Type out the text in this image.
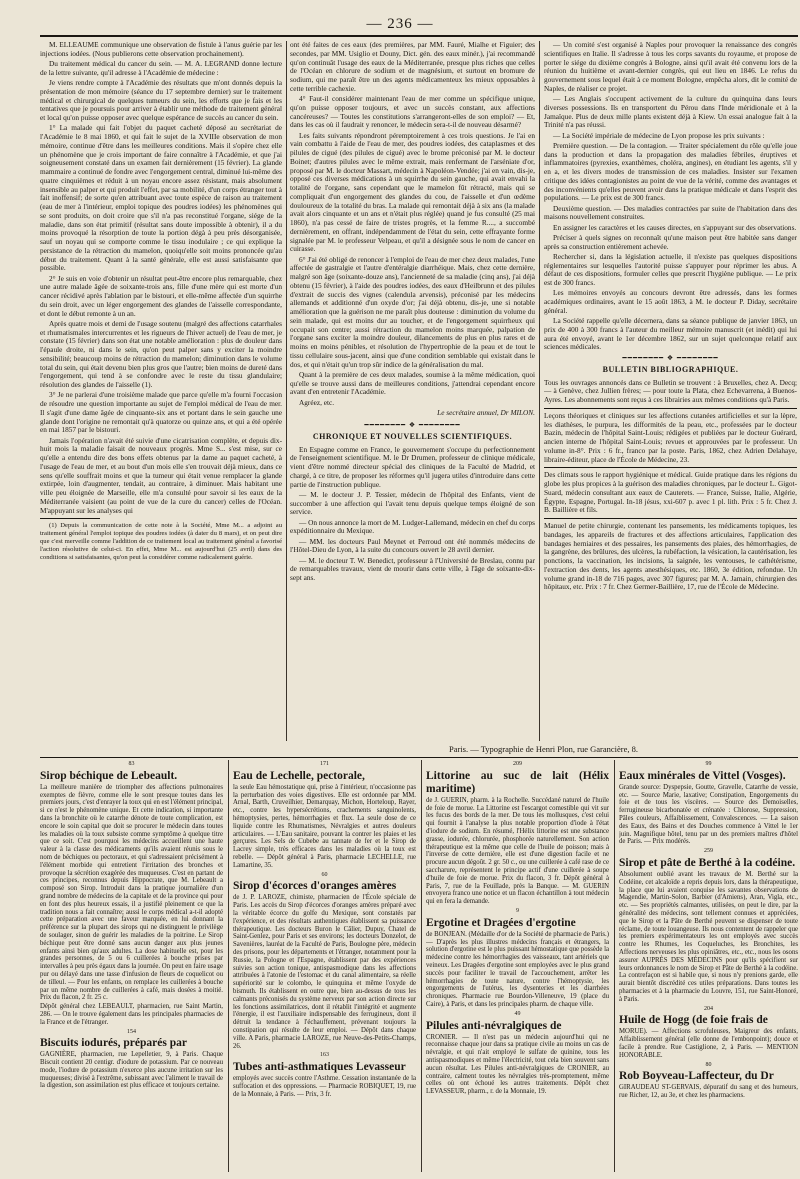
— 236 —

M. ELLEAUME communique une observation de fistule à l'anus guérie par les injections iodées. (Nous publierons cette observation prochainement).

Du traitement médical du cancer du sein. — M. A. LEGRAND donne lecture de la lettre suivante, qu'il adresse à l'Académie de médecine :

Je viens rendre compte à l'Académie des résultats que m'ont donnés depuis la présentation de mon mémoire (séance du 17 septembre dernier) sur le traitement médical et chirurgical de quelques tumeurs du sein, les efforts que je fais et les tentatives que je poursuis pour arriver à établir une méthode de traitement général et local qu'on puisse opposer avec quelque espérance de succès au cancer du sein.

1° La malade qui fait l'objet du paquet cacheté déposé au secrétariat de l'Académie le 8 mai 1860, et qui fait le sujet de la XVIIIe observation de mon mémoire, continue d'être dans les meilleures conditions. Mais il s'opère chez elle un phénomène que je crois important de faire connaître à l'Académie, et que j'ai soigneusement constaté dans un examen fait dernièrement (15 février). La glande mammaire a continué de fondre avec l'engorgement central, diminué lui-même des quatre cinquièmes et réduit à un noyau encore assez résistant, mais absolument insensible au palper et qui produit l'effet, par sa mobilité, d'un corps étranger tout à fait inoffensif; de sorte qu'en attribuant avec toute espèce de raison au traitement (eau de mer à l'intérieur, emploi topique des poudres iodées) les phénomènes qui se sont produits, on doit croire que s'il n'a pas reconstitué l'organe, siége de la maladie, dans son état primitif (résultat sans doute impossible à obtenir), il a du moins provoqué la résorption de toute la portion dégà à peu près désorganisée, sauf un noyau qui se comporte comme le tissu inodulaire ; ce qui explique la persistance de la rétraction du mamelon, quoiqu'elle soit moins prononcée qu'au début du traitement. Quant à la santé générale, elle est aussi satisfaisante que possible.

2° Je suis en voie d'obtenir un résultat peut-être encore plus remarquable, chez une autre malade âgée de soixante-trois ans, fille d'une mère qui est morte d'un cancer récidivé après l'ablation par le bistouri, et elle-même affectée d'un squirrhe du sein droit, avec un léger engorgement des glandes de l'aisselle correspondante, et dont le début remonte à un an.

Après quatre mois et demi de l'usage soutenu (malgré des affections catarrhales et rhumatismales intercurrentes et les rigueurs de l'hiver actuel) de l'eau de mer, je constate (15 février) dans son état une notable amélioration : plus de douleur dans l'épaule droite, ni dans le sein, qu'on peut palper sans y exciter la moindre sensibilité; beaucoup moins de rétraction du mamelon; diminution dans le volume total du sein, qui était devenu bien plus gros que l'autre; bien moins de dureté dans l'engorgement, qui tend à se confondre avec le reste du tissu glandulaire; résolution des glandes de l'aisselle (1).

3° Je ne parlerai d'une troisième malade que parce qu'elle m'a fourni l'occasion de résoudre une question importante au sujet de l'emploi médical de l'eau de mer. Il s'agit d'une dame âgée de cinquante-six ans et portant dans le sein gauche une glande dont l'origine ne remontait qu'à quatorze ou quinze ans, et qui a été opérée en mai 1857 par le bistouri.

Jamais l'opération n'avait été suivie d'une cicatrisation complète, et depuis dix-huit mois la maladie faisait de nouveaux progrès. Mme S... s'est mise, sur ce qu'elle a entendu dire des bons effets obtenus par la dame au paquet cacheté, à l'usage de l'eau de mer, et au bout d'un mois elle s'en trouvait déjà mieux, dans ce sens qu'elle souffrait moins et que la tumeur qui était venue remplacer la glande extirpée, loin d'augmenter, tendait, au contraire, à diminuer. Mais habitant une ville peu éloignée de Marseille, elle m'a consulté pour savoir si les eaux de la Méditerranée vaisient (au point de vue de la cure du cancer) celles de l'Océan. M'appuyant sur les analyses qui

(1) Depuis la communication de cette note à la Société, Mme M... a adjoint au traitement général l'emploi topique des poudres iodées (à dater du 8 mars), et on peut dire que c'est merveille comme l'addition de ce traitement local au traitement général a favorisé l'action résolutive de celui-ci. En effet, Mme M... est aujourd'hui (25 avril) dans des conditions si satisfaisantes, qu'on peut la considérer comme radicalement guérie.

ont été faites de ces eaux (des premières, par MM. Fauré, Mialhe et Figuier; des secondes, par MM. Usiglio et Douny, Dict. gén. des eaux minér.), j'ai recommandé qu'on continuât l'usage des eaux de la Méditerranée, presque plus riches que celles de l'Océan en chlorure de sodium et de magnésium, et surtout en bromure de sodium, qui me paraît être un des agents médicamenteux les mieux opposables à cette terrible cachexie.

4° Faut-il considérer maintenant l'eau de mer comme un spécifique unique, qu'on puisse opposer toujours, et avec un succès constant, aux affections cancéreuses? — Toutes les constitutions s'arrangeront-elles de son emploi? — Et, dans les cas où il faudrait y renoncer, le médecin sera-t-il de nouveau désarmé?

Les faits suivants répondront péremptoirement à ces trois questions. Je l'ai en vain combattu à l'aide de l'eau de mer, des poudres iodées, des cataplasmes et des pilules de cigué (des pilules de cigué) avec le brome préconisé par M. le docteur Boinet; d'autres pilules avec le même extrait, mais renfermant de l'arséniate d'or, proposé par M. le docteur Massart, médecin à Napoléon-Vendée; j'ai en vain, dis-je, opposé ces diverses médications à un squirrhe du sein gauche, qui avait envahi la totalité de l'organe, sans cependant que le mamelon fût rétracté, mais qui se compliquait d'un engorgement des glandes du cou, de l'aisselle et d'un œdème douloureux de la totalité du bras. La malade qui remontait déjà à six ans (la malade avait alors cinquante et un ans et n'était plus réglée) quand je fus consulté (25 mai 1860), n'a pas cessé de faire de tristes progrès, et la femme R...., a succombé dernièrement, en offrant, indépendamment de l'état du sein, cette effrayante forme signalée par M. le professeur Velpeau, et qu'il a désignée sous le nom de cancer en cuirasse.

6° J'ai été obligé de renoncer à l'emploi de l'eau de mer chez deux malades, l'une affectée de gastralgie et l'autre d'entéralgie diarrhéique. Mais, chez cette dernière, malgré son âge (soixante-douze ans), l'ancienneté de sa maladie (cinq ans), j'ai déjà obtenu (15 février), à l'aide des poudres iodées, des eaux d'Heilbrunn et des pilules d'extrait de succis des vignes (calendula arvensis), préconisé par les médecins allemands et additionné d'un oxyde d'or; j'ai déjà obtenu, dis-je, une si notable amélioration que la guérison ne me paraît plus douteuse : diminution du volume du sein malade, qui est moins dur au toucher, et de l'engorgement squirrheux qui occupait son centre; aussi rétraction du mamelon moins marquée, palpation de l'organe sans exciter la moindre douleur, dilancements de plus en plus rares et de moins en moins pénibles, et résolution de l'hypertrophie de la peau et de tout le tissu cellulaire sous-jacent, ainsi que d'une condition semblable qui existait dans le dos, et qui n'était qu'un trop sûr indice de la généralisation du mal.

Quant à la première de ces deux malades, soumise à la même médication, quoi qu'elle se trouve aussi dans de meilleures conditions, j'attendrai cependant encore avant d'en entretenir l'Académie.

Agréez, etc.

Le secrétaire annuel, Dr MILON.
━━━━━━━━ ❖ ━━━━━━━━
CHRONIQUE ET NOUVELLES SCIENTIFIQUES.

En Espagne comme en France, le gouvernement s'occupe du perfectionnement de l'enseignement scientifique. M. le Dr Drumen, professeur de clinique médicale, vient d'être nommé directeur spécial des cliniques de la Faculté de Madrid, et chargé, à ce titre, de proposer les réformes qu'il jugera utiles d'introduire dans cette partie de l'instruction publique.

— M. le docteur J. P. Tessier, médecin de l'hôpital des Enfants, vient de succomber à une affection qui l'avait tenu depuis quelque temps éloigné de son service.

— On nous annonce la mort de M. Ludger-Lallemand, médecin en chef du corps expéditionnaire du Mexique.

— MM. les docteurs Paul Meynet et Perroud ont été nommés médecins de l'Hôtel-Dieu de Lyon, à la suite du concours ouvert le 28 avril dernier.

— M. le docteur T. W. Benedict, professeur à l'Université de Breslau, connu par de remarquables travaux, vient de mourir dans cette ville, à l'âge de soixante-dix-sept ans.

— Un comité s'est organisé à Naples pour provoquer la renaissance des congrès scientifiques en Italie. Il s'adresse à tous les corps savants du royaume, et propose de porter le siége du dixième congrès à Bologne, ainsi qu'il avait été convenu lors de la réunion du huitième et avant-dernier congrès, qui eut lieu en 1846. Le refus du gouvernement sous lequel était à ce moment Bologne, empêcha alors, dit le comité de Naples, de réaliser ce projet.

— Les Anglais s'occupent activement de la culture du quinquina dans leurs diverses possessions. Ils en transportent du Pérou dans l'Inde méridionale et à la Jamaïque. Plus de deux mille plants existent déjà à Kiew. Un essai analogue fait à la Trinité n'a pas réussi.

— La Société impériale de médecine de Lyon propose les prix suivants :

Première question. — De la contagion. — Traiter spécialement du rôle qu'elle joue dans la production et dans la propagation des maladies fébriles, éruptives et inflammatoires (pyrexies, exanthèmes, choléra, angines), en étudiant les agents, s'il y en a, et les divers modes de transmission de ces maladies. Insister sur l'examen critique des idées contagionistes au point de vue de la vérité, comme des avantages et des inconvénients qu'elles peuvent avoir dans la pratique médicale et dans l'esprit des populations. — Le prix est de 300 francs.

Deuxième question. — Des maladies contractées par suite de l'habitation dans des maisons nouvellement construites.

En assigner les caractères et les causes directes, en s'appuyant sur des observations.

Préciser à quels signes on reconnaît qu'une maison peut être habitée sans danger après sa construction entièrement achevée.

Rechercher si, dans la législation actuelle, il n'existe pas quelques dispositions réglementaires sur lesquelles l'autorité puisse s'appuyer pour réprimer les abus. A défaut de ces dispositions, formuler celles que prescrit l'hygiène publique. — Le prix est de 300 francs.

Les mémoires envoyés au concours devront être adressés, dans les formes académiques ordinaires, avant le 15 août 1863, à M. le docteur P. Diday, secrétaire général.

La Société rappelle qu'elle décernera, dans sa séance publique de janvier 1863, un prix de 400 à 300 francs à l'auteur du meilleur mémoire manuscrit (et inédit) qui lui aura été envoyé, avant le 1er décembre 1862, sur un sujet quelconque relatif aux sciences médicales.

━━━━━━━━ ❖ ━━━━━━━━
BULLETIN BIBLIOGRAPHIQUE.

Tous les ouvrages annoncés dans ce Bulletin se trouvent : à Bruxelles, chez A. Decq; — à Genève, chez Jullien frères; — pour toute la Plata, chez Echevarrena, à Buenos-Ayres. Les abonnements sont reçus à ces librairies aux mêmes conditions qu'à Paris.

Leçons théoriques et cliniques sur les affections cutanées artificielles et sur la lèpre, les diathèses, le purpura, les difformités de la peau, etc., professées par le docteur Bazin, médecin de l'hôpital Saint-Louis; rédigées et publiées par le docteur Guérard, ancien interne de l'hôpital Saint-Louis; revues et approuvées par le professeur. Un volume in-8°. Prix : 6 fr., franco par la poste. Paris, 1862, chez Adrien Delahaye, libraire-éditeur, place de l'École de Médecine, 23.

Des climats sous le rapport hygiénique et médical. Guide pratique dans les régions du globe les plus propices à la guérison des maladies chroniques, par le docteur L. Gigot-Suard, médecin consultant aux eaux de Cauterets. — France, Suisse, Italie, Algérie, Égypte, Espagne, Portugal. In-18 jésus, xxi-607 p. avec 1 pl. lith. Prix : 5 fr. Chez J. B. Baillière et fils.

Manuel de petite chirurgie, contenant les pansements, les médicaments topiques, les bandages, les appareils de fractures et des affections articulaires, l'application des bandages herniaires et des pessaires, les pansements des plaies, des hémorrhagies, de la gangrène, des brûlures, des ulcères, la rubéfaction, la vésication, la cautérisation, les ponctions, la vaccination, les incisions, la saignée, les ventouses, le cathétérisme, l'extraction des dents, les agents anesthésiques, etc. 1860, 3e édition, refondue. Un volume grand in-18 de 716 pages, avec 307 figures; par M. A. Jamain, chirurgien des hôpitaux, etc. Prix : 7 fr. Chez Germer-Baillière, 17, rue de l'École de Médecine.

Paris. — Typographie de Henri Plon, rue Garancière, 8.
83
Sirop béchique de Lebeault.

La meilleure manière de triompher des affections pulmonaires exemptes de fièvre, comme elle le sont presque toutes dans les premiers jours, c'est d'enrayer la toux qui en est l'élément principal, si ce n'est le phénomène unique. Et cette indication, si importante dans la bronchite où le catarrhe dénote de toute complication, est encore le soin capital que doit se procurer le médecin dans toutes les maladies où la toux subsiste comme symptôme à quelque titre que ce soit. C'est pourquoi les médecins accueillent une haute valeur à la classe des médicaments qu'ils avaient réunis sous le nom de béchiques ou pectoraux, et qui s'adressaient précisément à l'élément morbide qui entretient l'irritation des bronches et provoque la sécrétion exagérée des muqueuses. C'est en partant de ces principes, reconnus depuis Hippocrate, que M. Lebeault a composé son Sirop. Introduit dans la pratique journalière d'un grand nombre de médecins de la capitale et de la province qui pour en font des plus heureux essais, il a justifié pleinement ce que la tradition nous a fait connaître; aussi le corps médical a-t-il adopté cette préparation avec une faveur marquée, en lui donnant la préférence sur la plupart des sirops qui ne distinguent le privilège de soulager, sinon de guérir les maladies de la poitrine. Le Sirop béchique peut être donné sans aucun danger aux plus jeunes enfants ainsi bien qu'aux adultes. La dose habituelle est, pour les grandes personnes, de 5 ou 6 cuillerées à bouche prises par intervalles à peu près égaux dans la journée. On peut en faire usage pur ou délayé dans une tasse d'infusion de fleurs de coquelicot ou de tilleul. — Pour les enfants, on remplace les cuillerées à bouche par un même nombre de cuillerées à café, mais dosées à moitié. Prix du flacon, 2 fr. 25 c.

Dépôt général chez LEBEAULT, pharmacien, rue Saint Martin, 286. — On le trouve également dans les principales pharmacies de la France et de l'étranger.

154
Biscuits iodurés, préparés par

GAGNIÈRE, pharmacien, rue Lepelletier, 9, à Paris. Chaque Biscuit contient 20 centigr. d'iodure de potassium. Par ce nouveau mode, l'iodure de potassium n'exerce plus aucune irritation sur les muqueuses; divisé à l'extrême, subissant avec l'aliment le travail de la digestion, son assimilation est plus efficace et toujours certaine.

171
Eau de Lechelle, pectorale,

la seule Eau hémostatique qui, prise à l'intérieur, n'occasionne pas la perturbation des voies digestives. Elle est ordonnée par MM. Arnal, Barth, Cruveilhier, Demarquay, Michon, Horteloup, Rayer, etc., contre les hypersécrétions, crachements sanguinolents, hémoptysies, pertes, hémorrhagies et flux. La seule dose de ce liquide contre les Rhumatismes, Névralgies et autres douleurs articulaires. — L'Eau sanitaire, pouvant la contrer les plaies et les gerçures. Les Sels de Cubebe au tannate de fer et le Sirop de Lacrey simple, très efficaces dans les maladies où la toux est rebelle. — Dépôt général à Paris, pharmacie LECHELLE, rue Lamartine, 35.

60
Sirop d'écorces d'oranges amères

de J. P. LAROZE, chimiste, pharmacien de l'École spéciale de Paris. Les accès du Sirop d'écorces d'oranges amères préparé avec la véritable écorce du golfe du Mexique, sont constatés par l'expérience, et des résultats authentiques établissent sa puissance thérapeutique. Les docteurs Buron le Câlier, Dupuy, Chatel de Saint-Genlez, pour Paris et ses environs; les docteurs Donzelot, de Savenières, lauréat de la Faculté de Paris, Boulogne père, médecin des prisons, pour les départements et l'étranger, notamment pour la Russie, la Pologne et l'Espagne, établissent par des expériences suivies son action tonique, antispasmodique dans les affections attribuées à l'atonie de l'estomac et du canal alimentaire, sa réelle supériorité sur le colombo, le quinquina et même l'oxyde de bismuth. Ils établissent en outre que, bien au-dessus de tous les calmants préconisés du système nerveux par son action directe sur les fonctions assimilatrices, dont il rétablit l'intégrité et augmente l'énergie, il est l'auxiliaire indispensable des ferrugineux, dont il détruit la tendance à l'échauffement, prévenant toujours la constipation qui résulte de leur emploi. — Dépôt dans chaque ville. A Paris, pharmacie LAROZE, rue Neuve-des-Petits-Champs, 26.

163
Tubes anti-asthmatiques Levasseur

employés avec succès contre l'Asthme. Cessation instantanée de la suffocation et des oppressions. — Pharmacie ROBIQUET, 19, rue de la Monnaie, à Paris. — Prix, 3 fr.

209
Littorine au suc de lait (Hélix maritime)

de J. GUERIN, pharm. à la Rochelle. Succédané naturel de l'huile de foie de morue. La Littorine est l'escargot comestible qui vit sur les fucus des bords de la mer. De tous les mollusques, c'est celui qui fournit à l'analyse la plus notable proportion d'iode à l'état d'iodure de sodium. En résumé, l'Hélix littorine est une substance grasse, iodurée, chlorurée, phosphorée naturellement. Son action thérapeutique est la même que celle de l'huile de poisson; mais à l'inverse de cette dernière, elle est d'une digestion facile et ne procure aucun dégoût. 2 gr. 50 c., ou une cuillerée à café rase de ce saccharure, représentent le principe actif d'une cuillerée à soupe d'huile de foie de morue. Prix du flacon, 3 fr. Dépôt général à Paris, 7, rue de la Feuillade, près la Banque. — M. GUERIN envoyera franco une notice et un flacon échantillon à tout médecin qui en fera la demande.

9
Ergotine et Dragées d'ergotine

de BONJEAN. (Médaille d'or de la Société de pharmacie de Paris.) — D'après les plus illustres médecins français et étrangers, la solution d'ergotine est le plus puissant hémostatique que possède la médecine contre les hémorrhagies des vaisseaux, tant artériels que veineux. Les Dragées d'ergotine sont employées avec le plus grand succès pour faciliter le travail de l'accouchement, arrêter les hémorrhagies de toute nature, contre l'hémoptysie, les engorgements de l'utérus, les dysenteries et les diarrhées chroniques. Pharmacie rue Bourdon-Villeneuve, 19 (place du Caire), à Paris, et dans les principales pharm. de chaque ville.

49
Pilules anti-névralgiques de

CRONIER. — Il n'est pas un médecin aujourd'hui qui ne reconnaisse chaque jour dans sa pratique civile au moins un cas de névralgie, et qui n'ait employé le sulfate de quinine, tous les antispasmodiques et même l'électricité, tout cela bien souvent sans aucun résultat. Les Pilules anti-névralgiques de CRONIER, au contraire, calment toutes les névralgies très-promptement, même celles où ont échoué les autres traitements. Dépôt chez LEVASSEUR, pharm., r. de la Monnaie, 19.

99
Eaux minérales de Vittel (Vosges).

Grande source: Dyspepsie, Goutte, Gravelle, Catarrhe de vessie, etc. — Source Marie, laxative; Constipation, Engorgements du foie et de tous les viscères. — Source des Demoiselles, ferrugineuse bicarbonatée et crénatée : Chlorose, Suppression, Pâles couleurs, Affaiblissement, Convalescences. — La saison des Eaux, des Bains et des Douches commence à Vittel le 1er juin. Magnifique hôtel, tenu par un des premiers maîtres d'hôtel de Paris. — Prix modérés.

259
Sirop et pâte de Berthé à la codéine.

Absolument oublié avant les travaux de M. Berthé sur la Codéine, cet alcaloïde a repris depuis lors, dans la thérapeutique, la place que lui avaient conquise les savantes observations de Magendie, Martin-Solon, Barbier (d'Amiens), Aran, Vigla, etc., etc. — Ses propriétés calmantes, utilisées, on peut le dire, par la généralité des médecins, sont tellement connues et appréciées, que le Sirop et la Pâte de Berthé peuvent se dispenser de toute réclame, de toute louangeuse. Ils nous contentent de rappeler que les premiers expérimentateurs les ont employés avec succès contre les Rhumes, les Coqueluches, les Bronchites, les Affections nerveuses les plus opiniâtres, etc., etc., nous les osons assurer AUPRÈS DES MÉDECINS pour qu'ils spécifient sur leurs ordonnances le nom de Sirop et Pâte de Berthé à la codéine. La contrefaçon est si habile que, si nous n'y prenions garde, elle aurait bientôt discrédité ces utiles préparations. Dans toutes les pharmacies et à la pharmacie du Louvre, 151, rue Saint-Honoré, à Paris.

204
Huile de Hogg (de foie frais de

MORUE). — Affections scrofuleuses, Maigreur des enfants, Affaiblissement général (elle donne de l'embonpoint); douce et facile à prendre. Rue Castiglione, 2, à Paris. — MENTION HONORABLE.

80
Rob Boyveau-Laffecteur, du Dr

GIRAUDEAU ST-GERVAIS, dépuratif du sang et des humeurs, rue Richer, 12, au 3e, et chez les pharmaciens.
